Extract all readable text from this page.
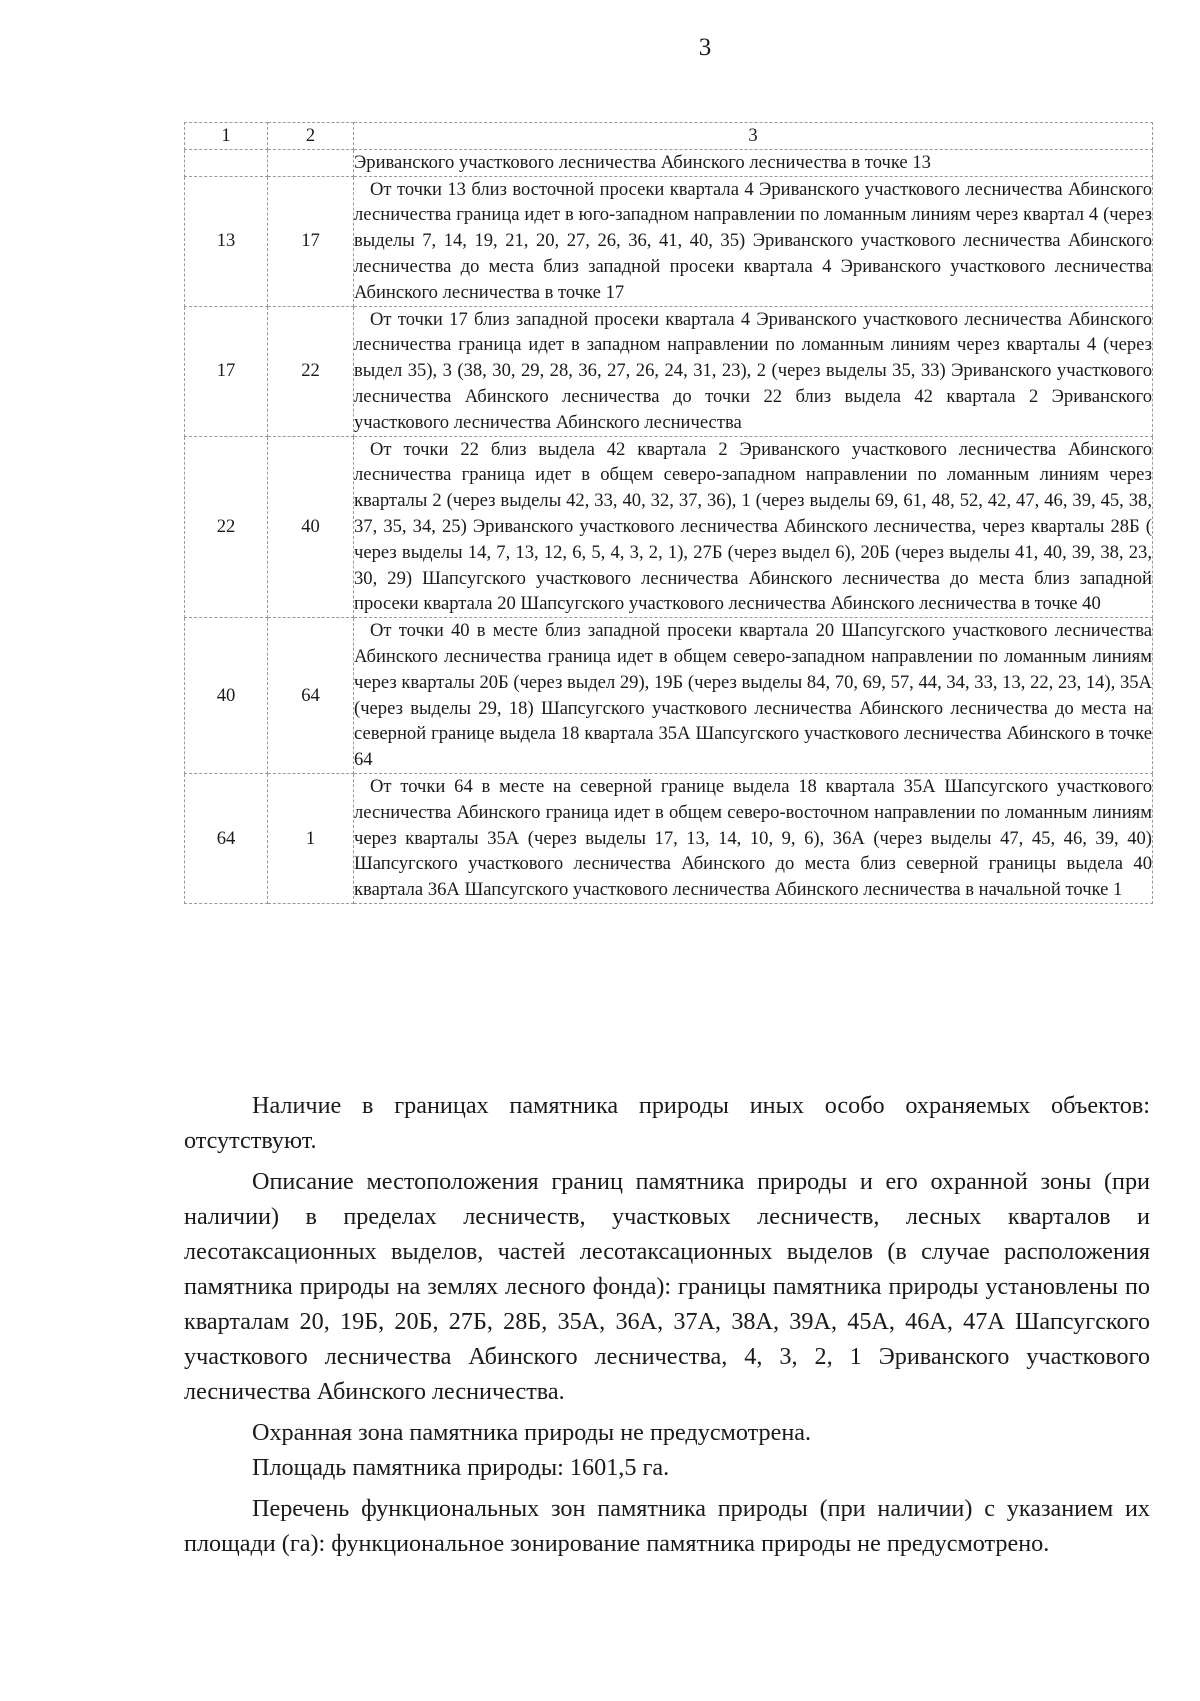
3
1	2	3

		Эриванского участкового лесничества Абинского лесничества в точке 13

13	17	От точки 13 близ восточной просеки квартала 4 Эриванского участкового лесничества Абинского лесничества граница идет в юго-западном направлении по ломанным линиям через квартал 4 (через выделы 7, 14, 19, 21, 20, 27, 26, 36, 41, 40, 35) Эриванского участкового лесничества Абинского лесничества до места близ западной просеки квартала 4 Эриванского участкового лесничества Абинского лесничества в точке 17

17	22	От точки 17 близ западной просеки квартала 4 Эриванского участкового лесничества Абинского лесничества граница идет в западном направлении по ломанным линиям через кварталы 4 (через выдел 35), 3 (38, 30, 29, 28, 36, 27, 26, 24, 31, 23), 2 (через выделы 35, 33) Эриванского участкового лесничества Абинского лесничества до точки 22 близ выдела 42 квартала 2 Эриванского участкового лесничества Абинского лесничества

22	40	От точки 22 близ выдела 42 квартала 2 Эриванского участкового лесничества Абинского лесничества граница идет в общем северо-западном направлении по ломанным линиям через кварталы 2 (через выделы 42, 33, 40, 32, 37, 36), 1 (через выделы 69, 61, 48, 52, 42, 47, 46, 39, 45, 38, 37, 35, 34, 25) Эриванского участкового лесничества Абинского лесничества, через кварталы 28Б ( через выделы 14, 7, 13, 12, 6, 5, 4, 3, 2, 1), 27Б (через выдел 6), 20Б (через выделы 41, 40, 39, 38, 23, 30, 29) Шапсугского участкового лесничества Абинского лесничества до места близ западной просеки квартала 20 Шапсугского участкового лесничества Абинского лесничества в точке 40

40	64	От точки 40 в месте близ западной просеки квартала 20 Шапсугского участкового лесничества Абинского лесничества граница идет в общем северо-западном направлении по ломанным линиям через кварталы 20Б (через выдел 29), 19Б (через выделы 84, 70, 69, 57, 44, 34, 33, 13, 22, 23, 14), 35А (через выделы 29, 18) Шапсугского участкового лесничества Абинского лесничества до места на северной границе выдела 18 квартала 35А Шапсугского участкового лесничества Абинского в точке 64

64	1	От точки 64 в месте на северной границе выдела 18 квартала 35А Шапсугского участкового лесничества Абинского граница идет в общем северо-восточном направлении по ломанным линиям через кварталы 35А (через выделы 17, 13, 14, 10, 9, 6), 36А (через выделы 47, 45, 46, 39, 40) Шапсугского участкового лесничества Абинского до места близ северной границы выдела 40 квартала 36А Шапсугского участкового лесничества Абинского лесничества в начальной точке 1

Наличие в границах памятника природы иных особо охраняемых объектов: отсутствуют.

Описание местоположения границ памятника природы и его охранной зоны (при наличии) в пределах лесничеств, участковых лесничеств, лесных кварталов и лесотаксационных выделов, частей лесотаксационных выделов (в случае расположения памятника природы на землях лесного фонда): границы памятника природы установлены по кварталам 20, 19Б, 20Б, 27Б, 28Б, 35А, 36А, 37А, 38А, 39А, 45А, 46А, 47А Шапсугского участкового лесничества Абинского лесничества, 4, 3, 2, 1 Эриванского участкового лесничества Абинского лесничества.

Охранная зона памятника природы не предусмотрена.

Площадь памятника природы: 1601,5 га.

Перечень функциональных зон памятника природы (при наличии) с указанием их площади (га): функциональное зонирование памятника природы не предусмотрено.
